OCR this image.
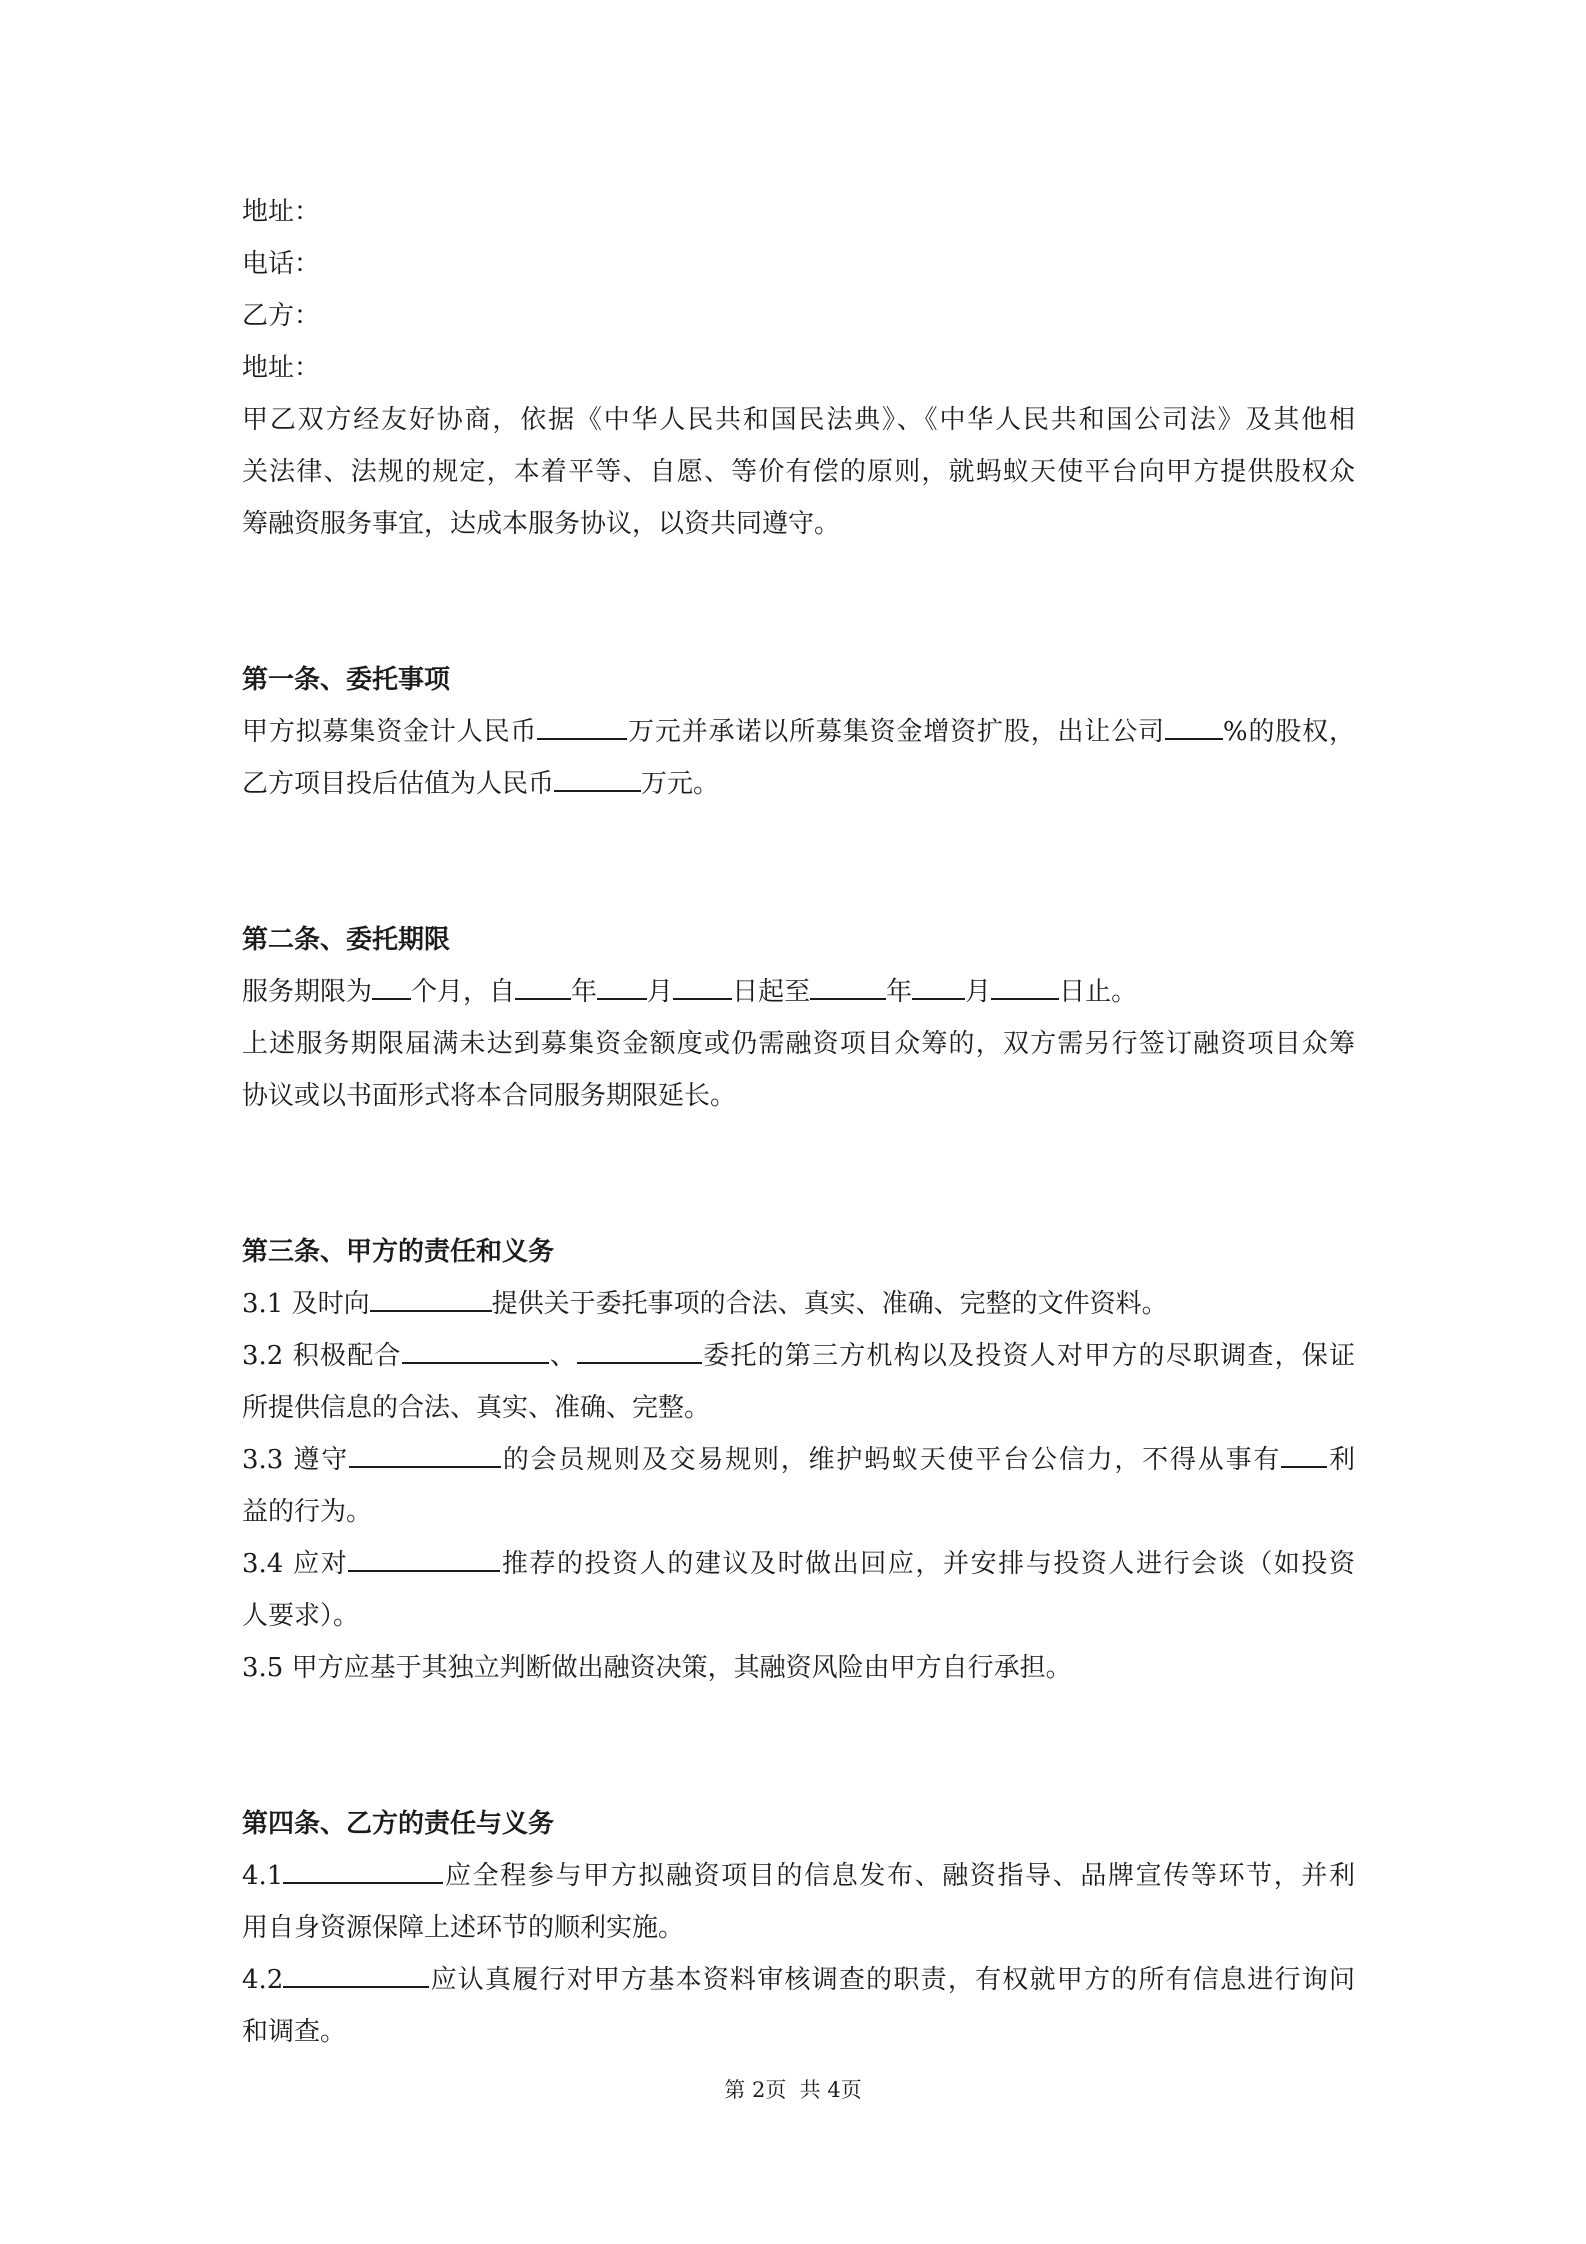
地址：
电话：
乙方：
地址：
甲乙双方经友好协商，依据《中华人民共和国民法典》、《中华人民共和国公司法》及其他相
关法律、法规的规定，本着平等、自愿、等价有偿的原则，就蚂蚁天使平台向甲方提供股权众
筹融资服务事宜，达成本服务协议，以资共同遵守。
第一条、委托事项
甲方拟募集资金计人民币	万元并承诺以所募集资金增资扩股，出让公司 %的股权，
乙方项目投后估值为人民币	万元。
第二条、委托期限
服务期限为 个月，自 年 月 日起至	年 月	日止。
上述服务期限届满未达到募集资金额度或仍需融资项目众筹的，双方需另行签订融资项目众筹
协议或以书面形式将本合同服务期限延长。
第三条、甲方的责任和义务
3.1 及时向	提供关于委托事项的合法、真实、准确、完整的文件资料。
3.2 积极配合	、	委托的第三方机构以及投资人对甲方的尽职调查，保证
所提供信息的合法、真实、准确、完整。
3.3 遵守	的会员规则及交易规则，维护蚂蚁天使平台公信力，不得从事有 利
益的行为。
3.4 应对	推荐的投资人的建议及时做出回应，并安排与投资人进行会谈（如投资
人要求）。
3.5 甲方应基于其独立判断做出融资决策，其融资风险由甲方自行承担。
第四条、乙方的责任与义务
4.1	应全程参与甲方拟融资项目的信息发布、融资指导、品牌宣传等环节，并利
用自身资源保障上述环节的顺利实施。
4.2	应认真履行对甲方基本资料审核调查的职责，有权就甲方的所有信息进行询问
和调查。
第 2页  共 4页
